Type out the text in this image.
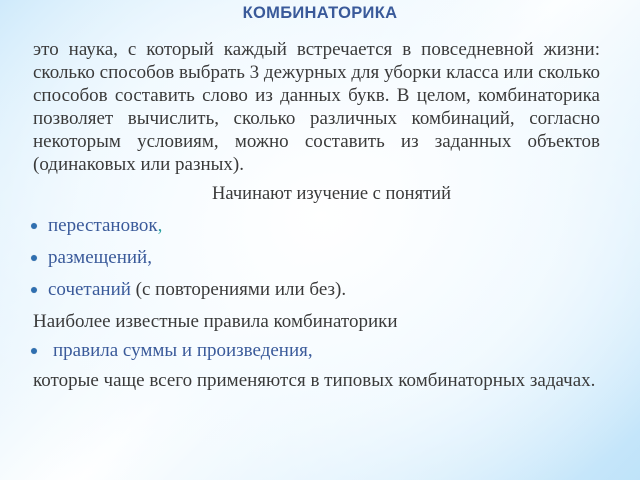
КОМБИНАТОРИКА

это наука, с который каждый встречается в повседневной жизни: сколько способов выбрать 3 дежурных для уборки класса или сколько способов составить слово из данных букв. В целом, комбинаторика позволяет вычислить, сколько различных комбинаций, согласно некоторым условиям, можно составить из заданных объектов (одинаковых или разных).

Начинают изучение с понятий

перестановок,
размещений,
сочетаний (с повторениями или без).

Наиболее известные правила комбинаторики

правила суммы и произведения,

которые чаще всего применяются в типовых комбинаторных задачах.
